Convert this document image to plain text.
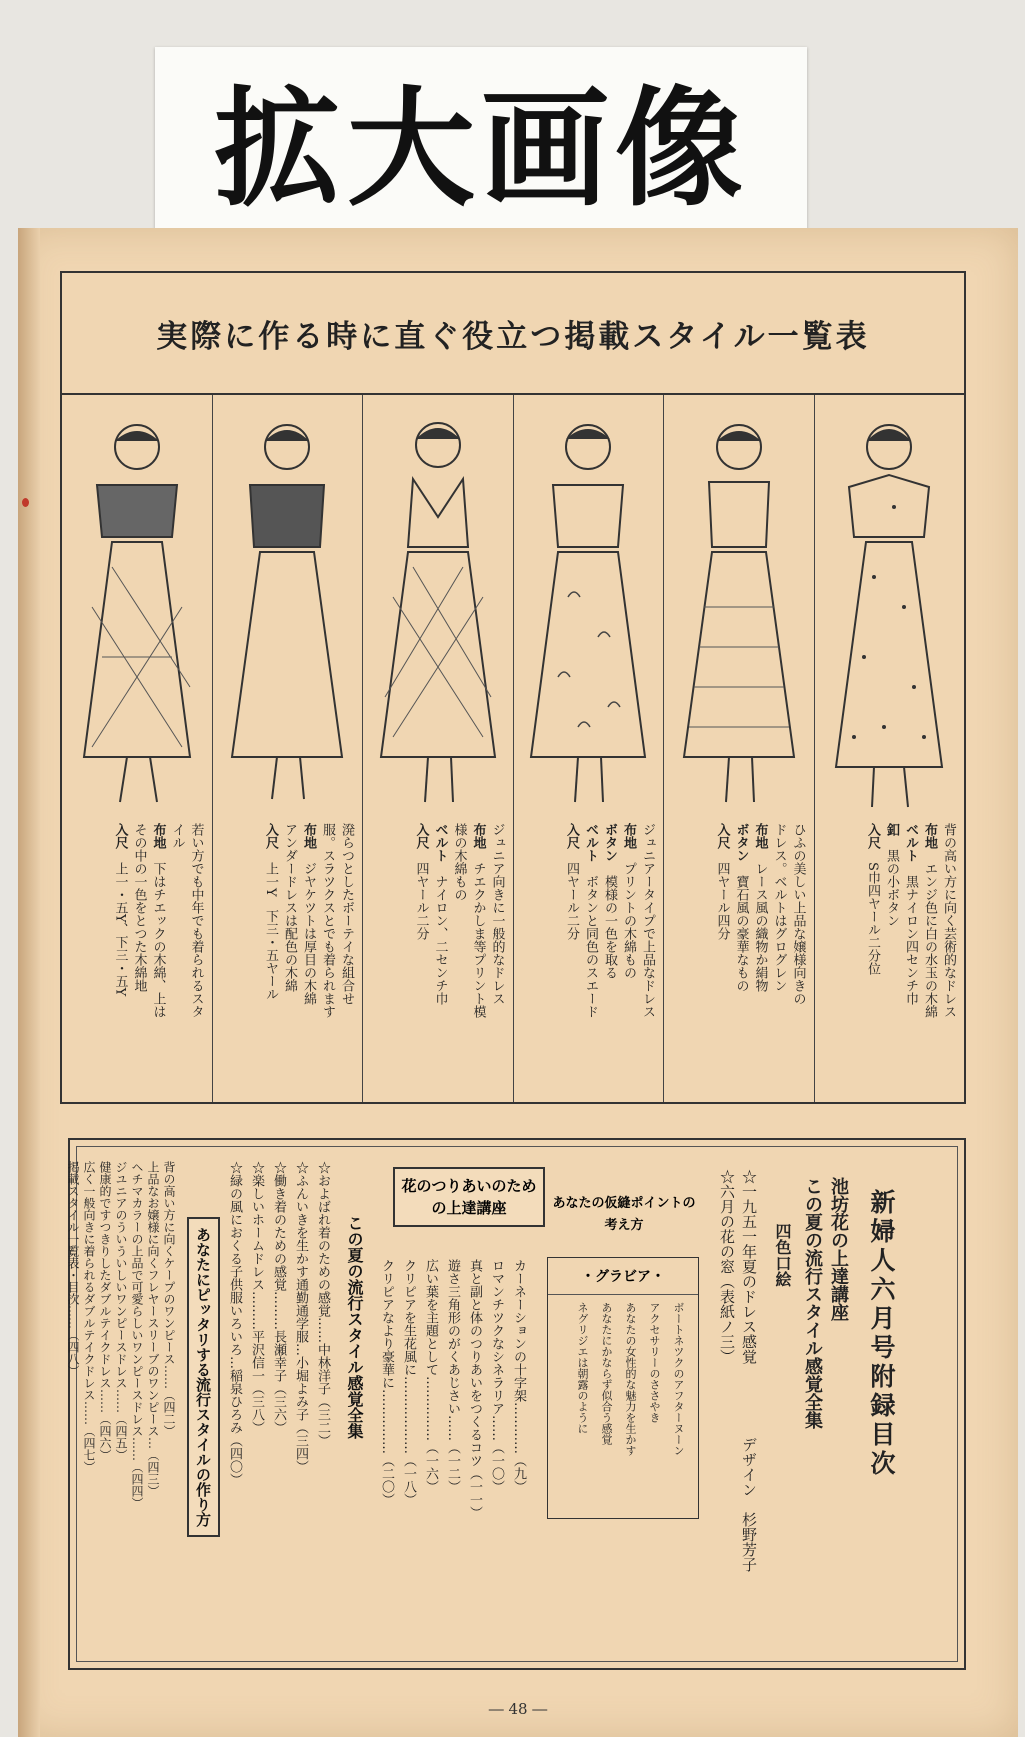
拡大画像
実際に作る時に直ぐ役立つ掲載スタイル一覧表
背の高い方に向く芸術的なドレス
布地　エンジ色に白の水玉の木綿
ベルト　黒ナイロン四センチ巾
釦　黒の小ボタン
入尺　S巾四ヤール二分位
ひふの美しい上品な嬢様向きの
ドレス。ベルトはグログレン
布地　レース風の織物か絹物
ボタン　寶石風の豪華なもの
入尺　四ヤール四分
ジュニアータイプで上品なドレス
布地　プリントの木綿もの
ボタン　模様の一色を取る
ベルト　ボタンと同色のスエード
入尺　四ヤール二分
ジュニア向きに一般的なドレス
布地　チエクかしま等プリント模
様の木綿もの
ベルト　ナイロン、二センチ巾
入尺　四ヤール二分
溌らつとしたボーテイな組合せ
服。スラツクスとでも着られます
布地　ジヤケツトは厚目の木綿
アンダードレスは配色の木綿
入尺　上一Y　下三・五ヤール
若い方でも中年でも着られるスタ
イル
布地　下はチエックの木綿、上は
その中の一色をとつた木綿地
入尺　上一・五Y、下三・五Y
新婦人六月号附録目次
池坊花の上達講座
この夏の流行スタイル感覚全集
四色口絵
☆一九五一年夏のドレス感覚
デザイン　杉野芳子
☆六月の花の窓（表紙ノ三）
あなたの仮縫ポイントの考え方
・グラビア・
ボートネツクのアフターヌーン
アクセサリーのささやき
あなたの女性的な魅力を生かす
あなたにかならず似合う感覚
ネグリジエは朝露のように
花のつりあいのための上達講座
カーネーションの十字架…………（九）
ロマンチツクなシネラリア……（一〇）
真と副と体のつりあいをつくるコツ（一一）
遊さ三角形のがくあじさい……（一二）
広い葉を主題として……………（一六）
クリピアを生花風に………………（一八）
クリピアなより豪華に……………（二〇）
この夏の流行スタイル感覚全集
☆およばれ着のための感覚……中林洋子（三二）
☆ふんいきを生かす通勤通学服…小堀よみ子（三四）
☆働き着のための感覚………長瀬幸子（三六）
☆楽しいホームドレス………平沢信一（三八）
☆緑の風におくる子供服いろいろ…稲泉ひろみ（四〇）
あなたにピッタリする流行スタイルの作り方
背の高い方に向くケープのワンピース……（四二）
上品なお嬢様に向くフレヤースリーブのワンピース…（四三）
ヘチマカラーの上品で可愛らしいワンピースドレス……（四四）
ジユニアのういういしいワンピースドレス……（四五）
健康的ですつきりしたダブルテイクドレス……（四六）
広く一般向きに着られるダブルテイクドレス……（四七）
掲載スタイル一覧表・目次……（四八）
― 48 ―
